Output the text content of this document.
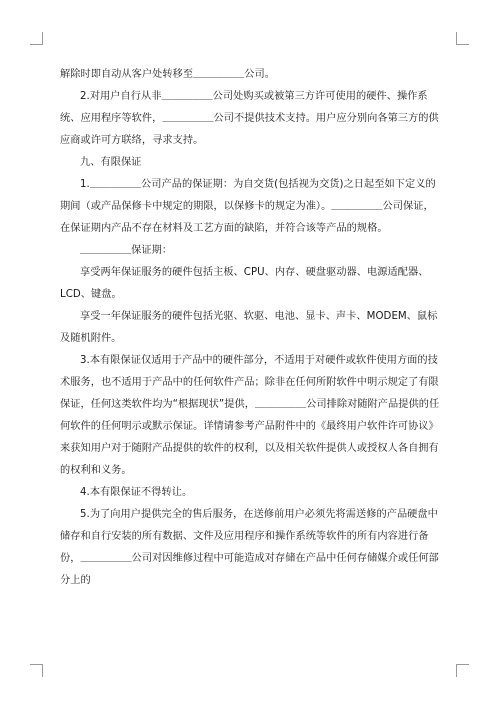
解除时即自动从客户处转移至＿＿＿＿＿公司。

2.对用户自行从非＿＿＿＿＿公司处购买或被第三方许可使用的硬件、操作系统、应用程序等软件，＿＿＿＿＿公司不提供技术支持。用户应分别向各第三方的供应商或许可方联络，寻求支持。

九、有限保证

1.＿＿＿＿＿公司产品的保证期：为自交货(包括视为交货)之日起至如下定义的期间（或产品保修卡中规定的期限，以保修卡的规定为准）。＿＿＿＿＿公司保证，在保证期内产品不存在材料及工艺方面的缺陷，并符合该等产品的规格。

＿＿＿＿＿保证期：

享受两年保证服务的硬件包括主板、CPU、内存、硬盘驱动器、电源适配器、LCD、键盘。

享受一年保证服务的硬件包括光驱、软驱、电池、显卡、声卡、MODEM、鼠标及随机附件。

3.本有限保证仅适用于产品中的硬件部分，不适用于对硬件或软件使用方面的技术服务，也不适用于产品中的任何软件产品；除非在任何所附软件中明示规定了有限保证，任何这类软件均为“根据现状”提供，＿＿＿＿＿公司排除对随附产品提供的任何软件的任何明示或默示保证。详情请参考产品附件中的《最终用户软件许可协议》来获知用户对于随附产品提供的软件的权利，以及相关软件提供人或授权人各自拥有的权利和义务。

4.本有限保证不得转让。

5.为了向用户提供完全的售后服务，在送修前用户必须先将需送修的产品硬盘中储存和自行安装的所有数据、文件及应用程序和操作系统等软件的所有内容进行备份，＿＿＿＿＿公司对因维修过程中可能造成对存储在产品中任何存储媒介或任何部分上的
